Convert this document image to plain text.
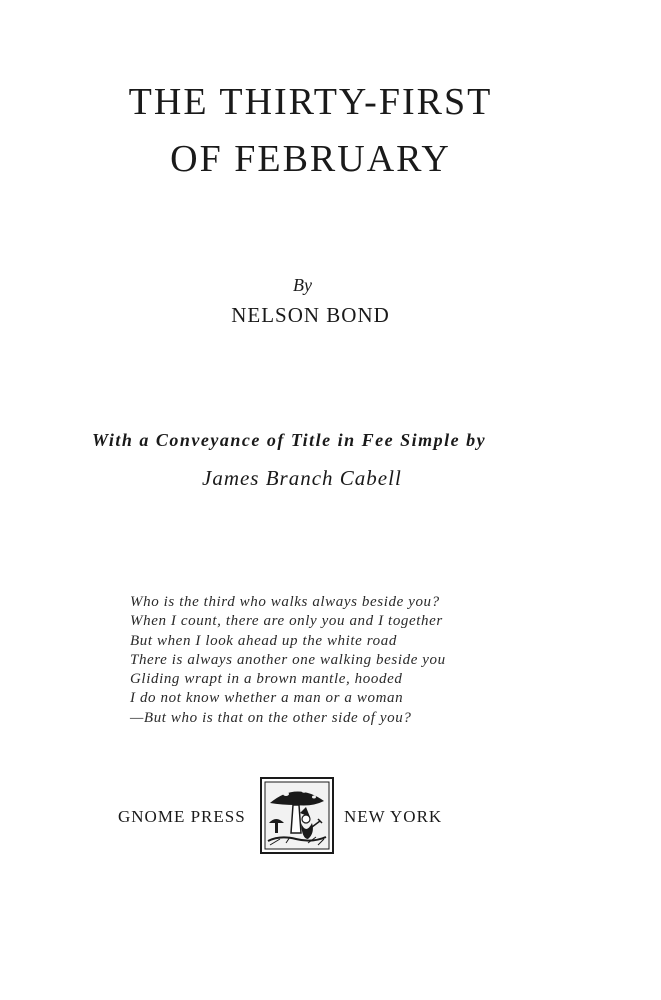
THE THIRTY-FIRST
OF FEBRUARY
By
NELSON BOND
With a Conveyance of Title in Fee Simple by
James Branch Cabell
Who is the third who walks always beside you?
When I count, there are only you and I together
But when I look ahead up the white road
There is always another one walking beside you
Gliding wrapt in a brown mantle, hooded
I do not know whether a man or a woman
—But who is that on the other side of you?
GNOME PRESS	NEW YORK
